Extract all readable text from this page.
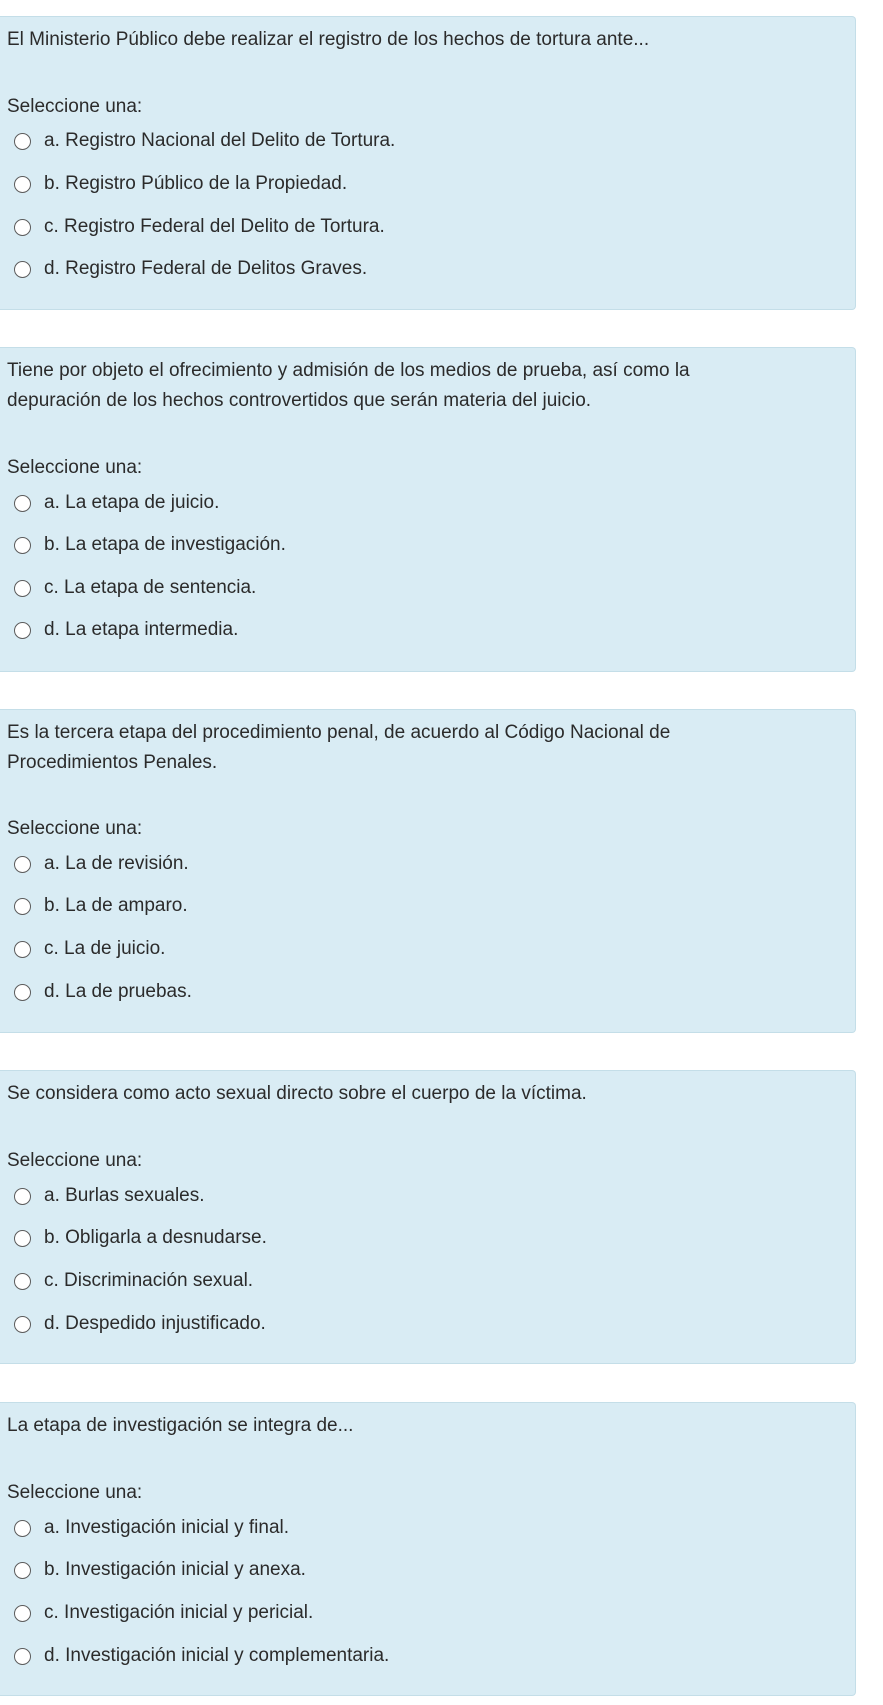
El Ministerio Público debe realizar el registro de los hechos de tortura ante...

Seleccione una:
a. Registro Nacional del Delito de Tortura.
b. Registro Público de la Propiedad.
c. Registro Federal del Delito de Tortura.
d. Registro Federal de Delitos Graves.

Tiene por objeto el ofrecimiento y admisión de los medios de prueba, así como la depuración de los hechos controvertidos que serán materia del juicio.

Seleccione una:
a. La etapa de juicio.
b. La etapa de investigación.
c. La etapa de sentencia.
d. La etapa intermedia.

Es la tercera etapa del procedimiento penal, de acuerdo al Código Nacional de Procedimientos Penales.

Seleccione una:
a. La de revisión.
b. La de amparo.
c. La de juicio.
d. La de pruebas.

Se considera como acto sexual directo sobre el cuerpo de la víctima.

Seleccione una:
a. Burlas sexuales.
b. Obligarla a desnudarse.
c. Discriminación sexual.
d. Despedido injustificado.

La etapa de investigación se integra de...

Seleccione una:
a. Investigación inicial y final.
b. Investigación inicial y anexa.
c. Investigación inicial y pericial.
d. Investigación inicial y complementaria.
